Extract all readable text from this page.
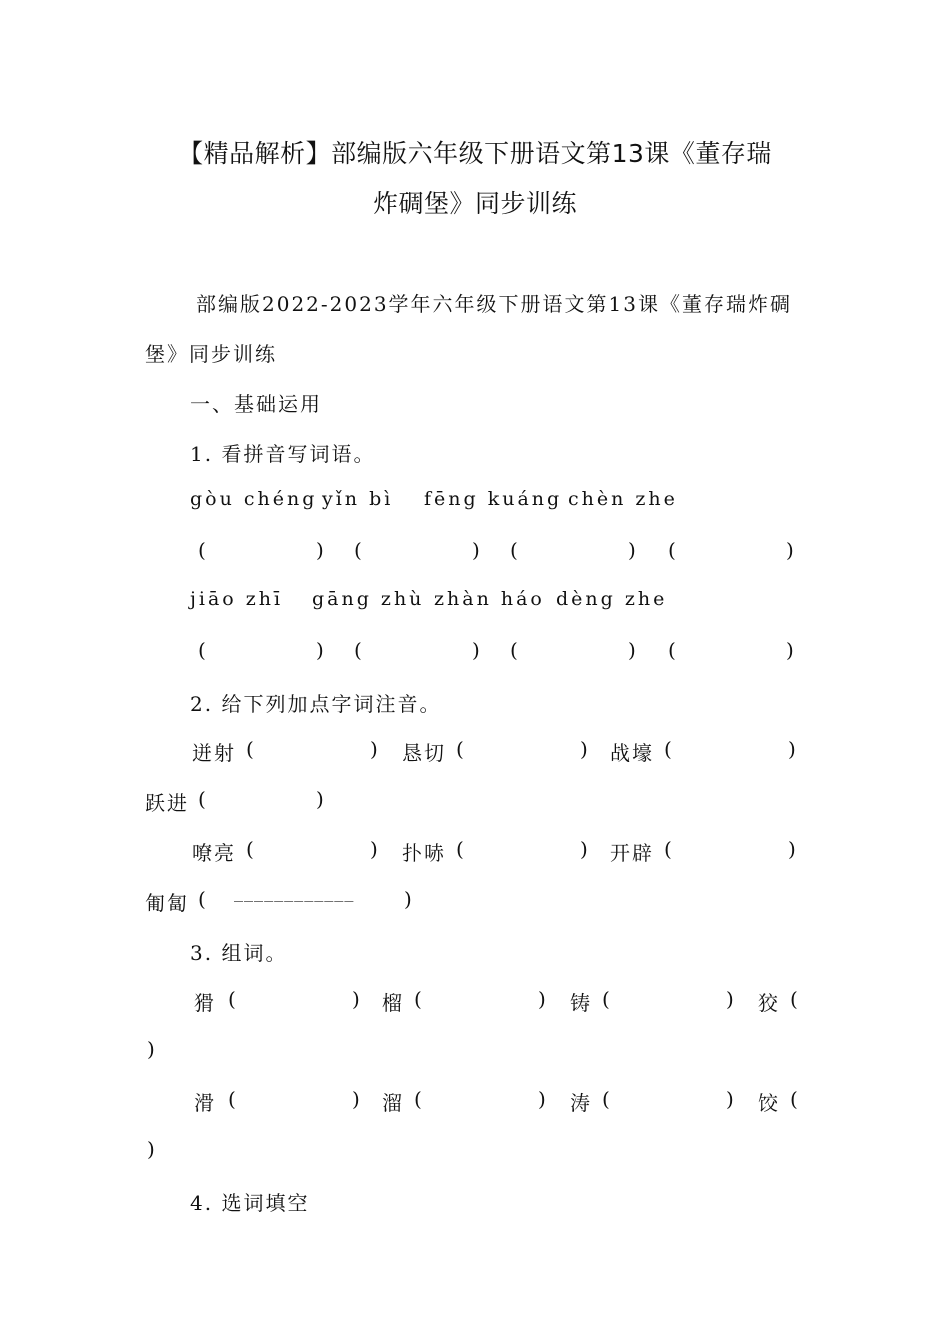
【精品解析】部编版六年级下册语文第13课《董存瑞
炸碉堡》同步训练
部编版2022-2023学年六年级下册语文第13课《董存瑞炸碉
堡》同步训练
一、基础运用
1. 看拼音写词语。
gòu chéng yǐn bì fēng kuáng chèn zhe
(	) (	) (	) (	)
jiāo zhī gāng zhù zhàn háo dèng zhe
(	) (	) (	) (	)
2. 给下列加点字词注音。
迸射 (	) 恳切 (	) 战壕 (	)
跃进 (	)
嘹亮 (	) 扑哧 (	) 开辟 (	)
匍匐 ( ____________ )
3. 组词。
猾 (	) 榴 (	) 铸 (	) 狡 (
)
滑 (	) 溜 (	) 涛 (	) 饺 (
)
4. 选词填空
